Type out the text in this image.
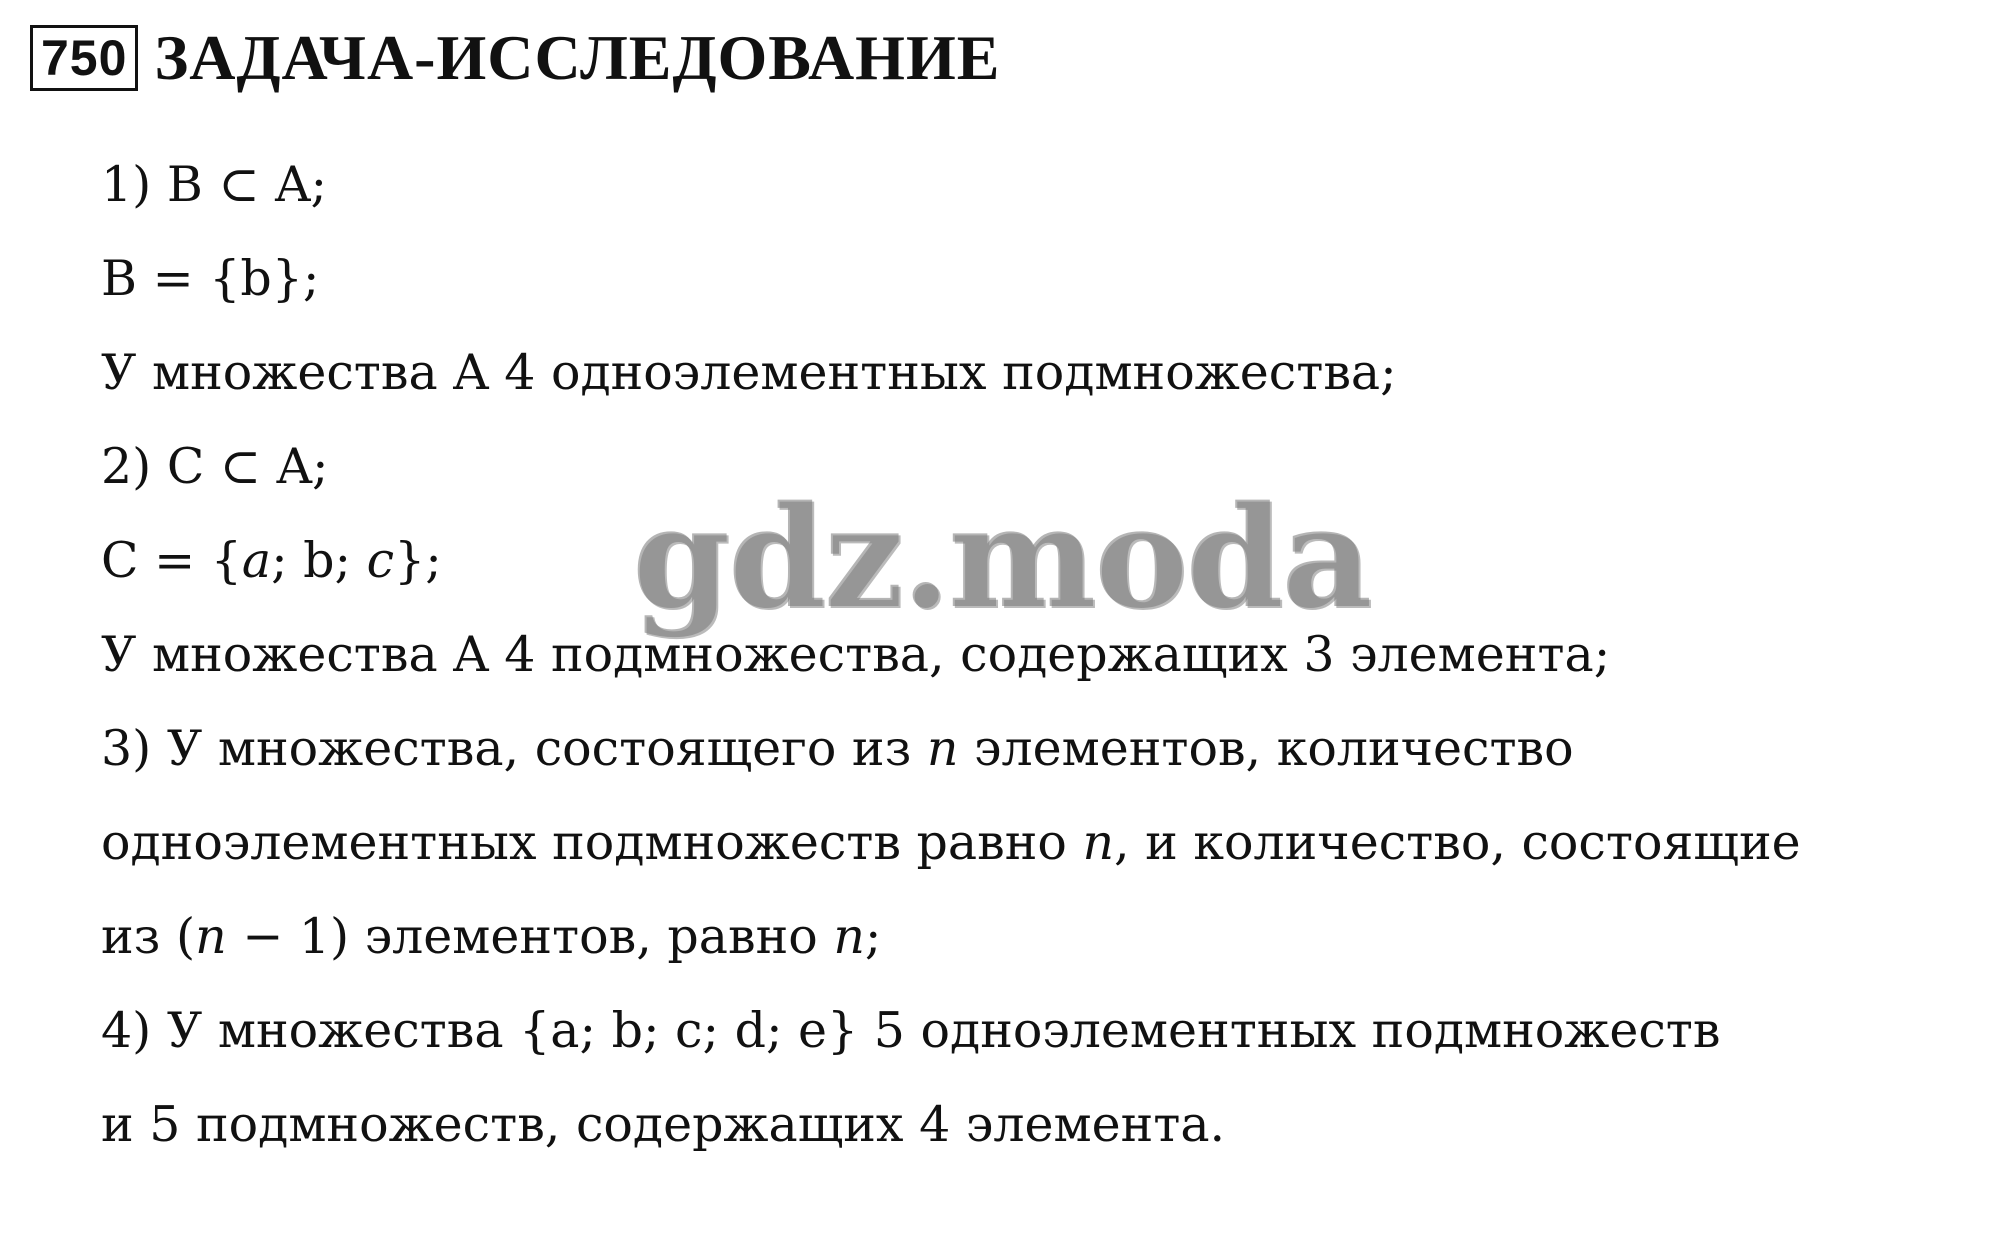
750 ЗАДАЧА-ИССЛЕДОВАНИЕ
1) B ⊂ A;
B = {b};
У множества A 4 одноэлементных подмножества;
2) C ⊂ A;
C = {a; b; c};
У множества A 4 подмножества, содержащих 3 элемента;
3) У множества, состоящего из n элементов, количество
одноэлементных подмножеств равно n, и количество, состоящие
из (n − 1) элементов, равно n;
4) У множества {a; b; c; d; e} 5 одноэлементных подмножеств
и 5 подмножеств, содержащих 4 элемента.
gdz.moda
